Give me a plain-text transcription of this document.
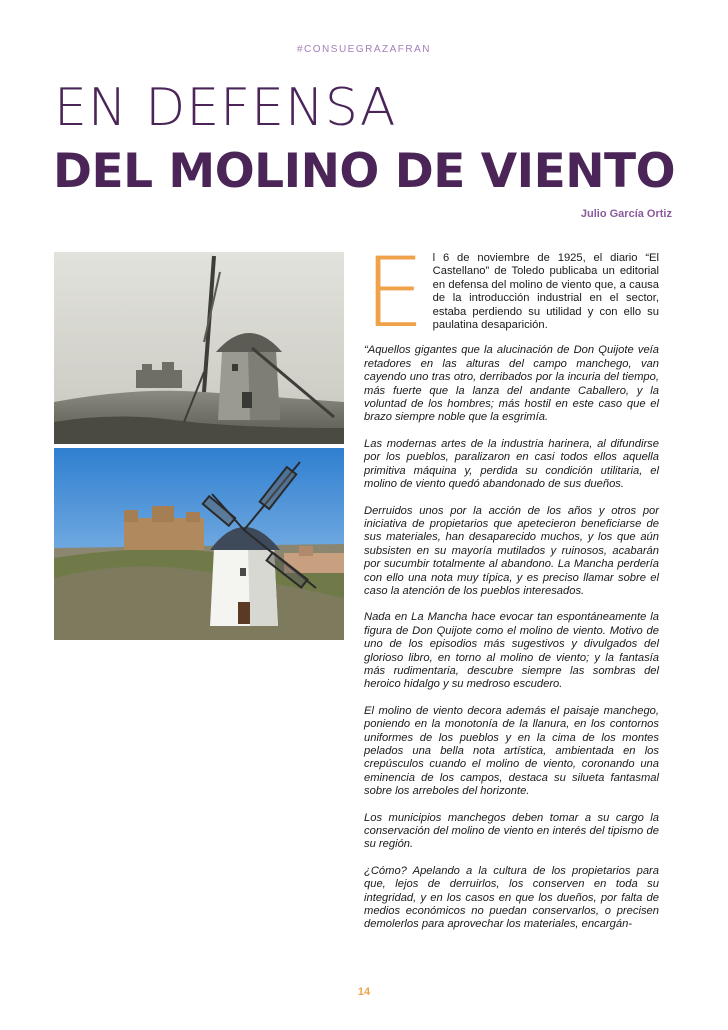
#CONSUEGRAZAFRAN
EN DEFENSA
DEL MOLINO DE VIENTO
Julio García Ortiz
E l 6 de noviembre de 1925, el diario “El Castellano” de Toledo publicaba un editorial en defensa del molino de viento que, a causa de la introducción industrial en el sector, estaba perdiendo su utilidad y con ello su paulatina desaparición.

“Aquellos gigantes que la alucinación de Don Quijote veía retadores en las alturas del campo manchego, van cayendo uno tras otro, derribados por la incuria del tiempo, más fuerte que la lanza del andante Caballero, y la voluntad de los hombres; más hostil en este caso que el brazo siempre noble que la esgrimía.

Las modernas artes de la industria harinera, al difundirse por los pueblos, paralizaron en casi todos ellos aquella primitiva máquina y, perdida su condición utilitaria, el molino de viento quedó abandonado de sus dueños.

Derruidos unos por la acción de los años y otros por iniciativa de propietarios que apetecieron beneficiarse de sus materiales, han desaparecido muchos, y los que aún subsisten en su mayoría mutilados y ruinosos, acabarán por sucumbir totalmente al abandono. La Mancha perdería con ello una nota muy típica, y es preciso llamar sobre el caso la atención de los pueblos interesados.

Nada en La Mancha hace evocar tan espontáneamente la figura de Don Quijote como el molino de viento. Motivo de uno de los episodios más sugestivos y divulgados del glorioso libro, en torno al molino de viento; y la fantasía más rudimentaria, descubre siempre las sombras del heroico hidalgo y su medroso escudero.

El molino de viento decora además el paisaje manchego, poniendo en la monotonía de la llanura, en los contornos uniformes de los pueblos y en la cima de los montes pelados una bella nota artística, ambientada en los crepúsculos cuando el molino de viento, coronando una eminencia de los campos, destaca su silueta fantasmal sobre los arreboles del horizonte.

Los municipios manchegos deben tomar a su cargo la conservación del molino de viento en interés del tipismo de su región.

¿Cómo? Apelando a la cultura de los propietarios para que, lejos de derruirlos, los conserven en toda su integridad, y en los casos en que los dueños, por falta de medios económicos no puedan conservarlos, o precisen demolerlos para aprovechar los materiales, encargán-

14
